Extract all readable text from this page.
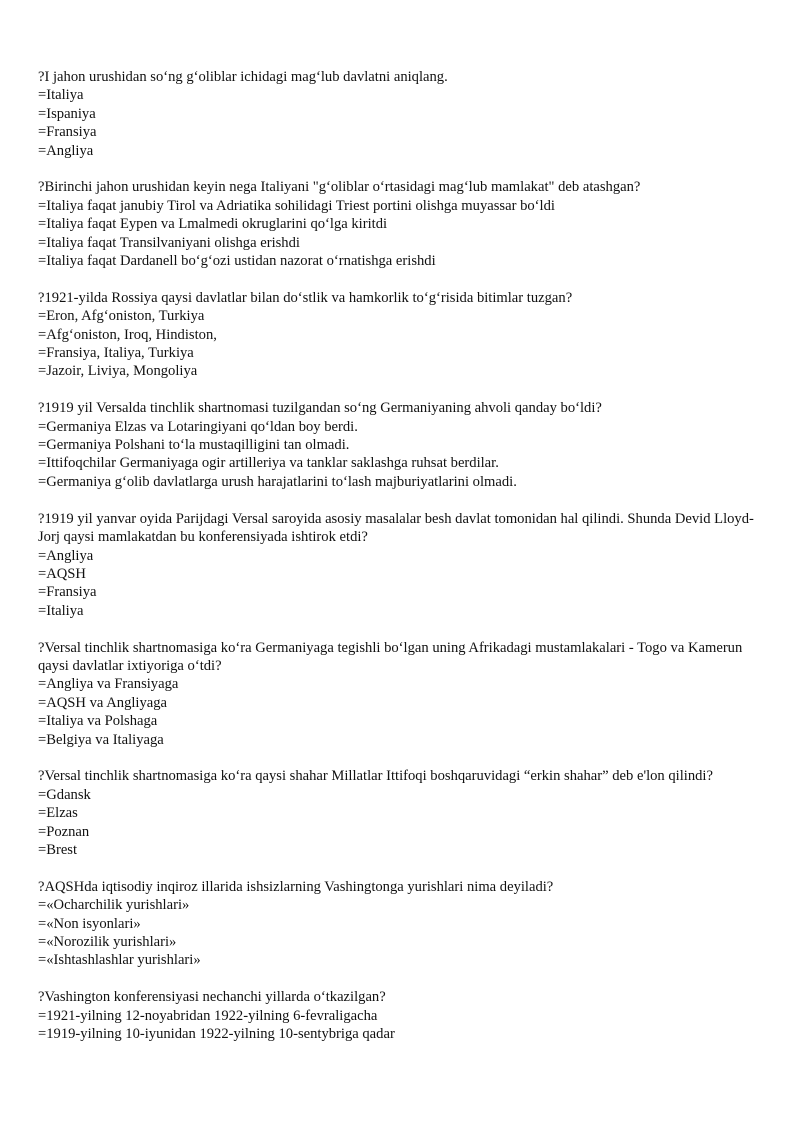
?I jahon urushidan so‘ng g‘oliblar ichidagi mag‘lub davlatni aniqlang.

=Italiya

=Ispaniya

=Fransiya

=Angliya

?Birinchi jahon urushidan keyin nega Italiyani "g‘oliblar o‘rtasidagi mag‘lub mamlakat" deb atashgan?

=Italiya faqat janubiy Tirol va Adriatika sohilidagi Triest portini olishga muyassar bo‘ldi

=Italiya faqat Eypen va Lmalmedi okruglarini qo‘lga kiritdi

=Italiya faqat Transilvaniyani olishga erishdi

=Italiya faqat Dardanell bo‘g‘ozi ustidan nazorat o‘rnatishga erishdi

?1921-yilda Rossiya qaysi davlatlar bilan do‘stlik va hamkorlik to‘g‘risida bitimlar tuzgan?

=Eron, Afg‘oniston, Turkiya

=Afg‘oniston, Iroq, Hindiston,

=Fransiya, Italiya, Turkiya

=Jazoir, Liviya, Mongoliya

?1919 yil Versalda tinchlik shartnomasi tuzilgandan so‘ng Germaniyaning ahvoli qanday bo‘ldi?

=Germaniya Elzas va Lotaringiyani qo‘ldan boy berdi.

=Germaniya Polshani to‘la mustaqilligini tan olmadi.

=Ittifoqchilar Germaniyaga ogir artilleriya va tanklar saklashga ruhsat berdilar.

=Germaniya g‘olib davlatlarga urush harajatlarini to‘lash majburiyatlarini olmadi.

?1919 yil yanvar oyida Parijdagi Versal saroyida asosiy masalalar besh davlat tomonidan hal qilindi. Shunda Devid Lloyd-Jorj qaysi mamlakatdan bu konferensiyada ishtirok etdi?

=Angliya

=AQSH

=Fransiya

=Italiya

?Versal tinchlik shartnomasiga ko‘ra Germaniyaga tegishli bo‘lgan uning Afrikadagi mustamlakalari - Togo va Kamerun qaysi davlatlar ixtiyoriga o‘tdi?

=Angliya va Fransiyaga

=AQSH va Angliyaga

=Italiya va Polshaga

=Belgiya va Italiyaga

?Versal tinchlik shartnomasiga ko‘ra qaysi shahar Millatlar Ittifoqi boshqaruvidagi “erkin shahar” deb e'lon qilindi?

=Gdansk

=Elzas

=Poznan

=Brest

?AQSHda iqtisodiy inqiroz illarida ishsizlarning Vashingtonga yurishlari nima deyiladi?

=«Ocharchilik yurishlari»

=«Non isyonlari»

=«Norozilik yurishlari»

=«Ishtashlashlar yurishlari»

?Vashington konferensiyasi nechanchi yillarda o‘tkazilgan?

=1921-yilning 12-noyabridan 1922-yilning 6-fevraligacha

=1919-yilning 10-iyunidan 1922-yilning 10-sentybriga qadar
